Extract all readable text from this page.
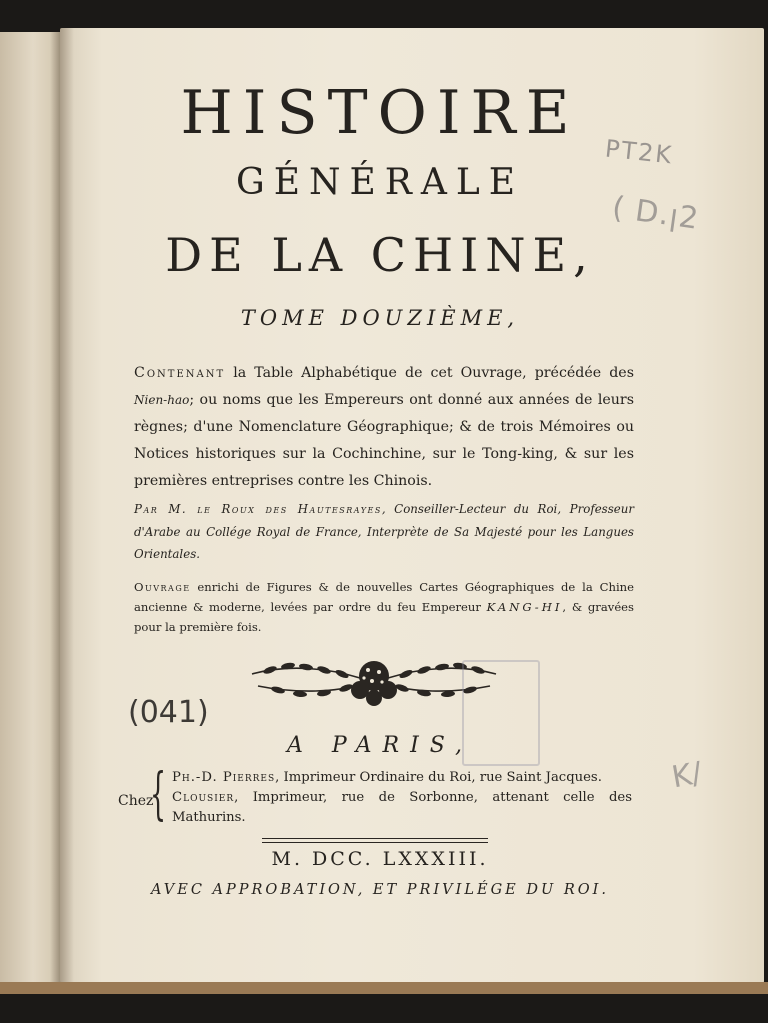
HISTOIRE
GÉNÉRALE
DE LA CHINE,
TOME DOUZIÈME,
Contenant la Table Alphabétique de cet Ouvrage, précédée des Nien-hao; ou noms que les Empereurs ont donné aux années de leurs règnes; d'une Nomenclature Géographique; & de trois Mémoires ou Notices historiques sur la Cochinchine, sur le Tong-king, & sur les premières entreprises contre les Chinois.
Par M. le Roux des Hautesrayes, Conseiller-Lecteur du Roi, Professeur d'Arabe au Collége Royal de France, Interprète de Sa Majesté pour les Langues Orientales.
Ouvrage enrichi de Figures & de nouvelles Cartes Géographiques de la Chine ancienne & moderne, levées par ordre du feu Empereur KANG-HI, & gravées pour la première fois.
PT2K
( D.ꞁ2
(041)
K/
A PARIS,
Chez
{ Ph.-D. Pierres, Imprimeur Ordinaire du Roi, rue Saint Jacques.
Clousier, Imprimeur, rue de Sorbonne, attenant celle des Mathurins.
M. DCC. LXXXIII.
AVEC APPROBATION, ET PRIVILÉGE DU ROI.
